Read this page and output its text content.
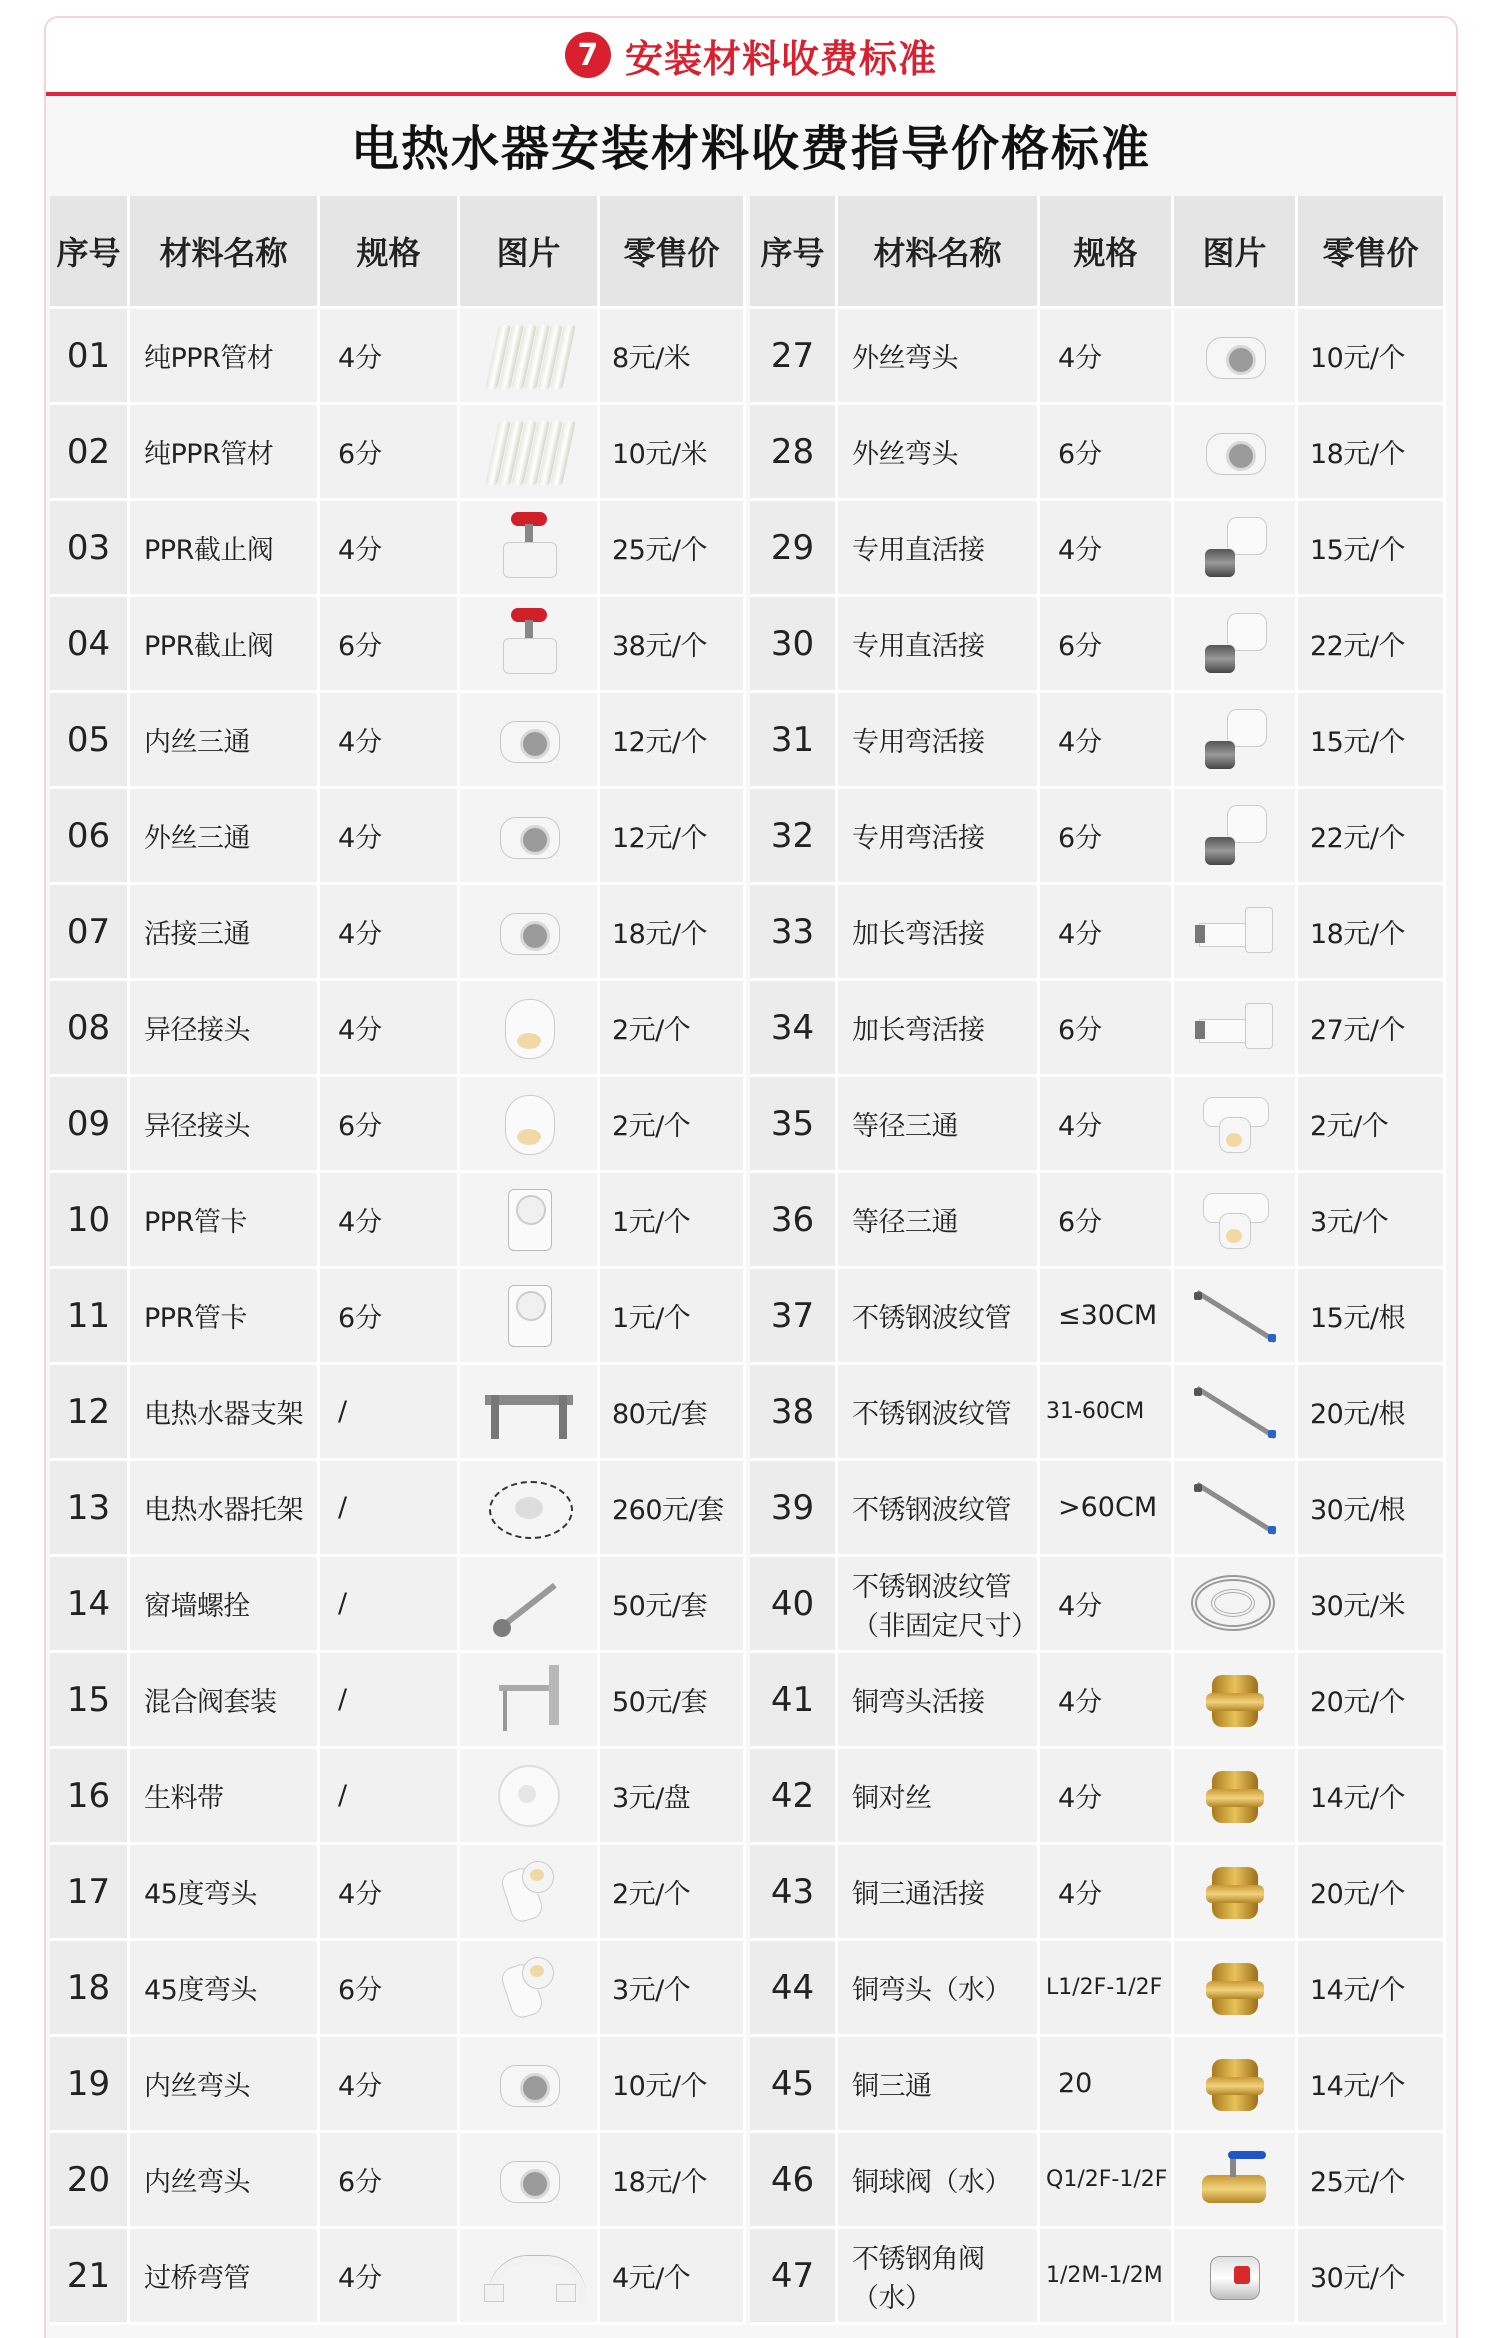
7 安装材料收费标准
电热水器安装材料收费指导价格标准
序号	材料名称	规格	图片	零售价
01	纯PPR管材	4分		8元/米
02	纯PPR管材	6分		10元/米
03	PPR截止阀	4分		25元/个
04	PPR截止阀	6分		38元/个
05	内丝三通	4分		12元/个
06	外丝三通	4分		12元/个
07	活接三通	4分		18元/个
08	异径接头	4分		2元/个
09	异径接头	6分		2元/个
10	PPR管卡	4分		1元/个
11	PPR管卡	6分		1元/个
12	电热水器支架	/		80元/套
13	电热水器托架	/		260元/套
14	窗墙螺拴	/		50元/套
15	混合阀套装	/		50元/套
16	生料带	/		3元/盘
17	45度弯头	4分		2元/个
18	45度弯头	6分		3元/个
19	内丝弯头	4分		10元/个
20	内丝弯头	6分		18元/个
21	过桥弯管	4分		4元/个
序号	材料名称	规格	图片	零售价
27	外丝弯头	4分		10元/个
28	外丝弯头	6分		18元/个
29	专用直活接	4分		15元/个
30	专用直活接	6分		22元/个
31	专用弯活接	4分		15元/个
32	专用弯活接	6分		22元/个
33	加长弯活接	4分		18元/个
34	加长弯活接	6分		27元/个
35	等径三通	4分		2元/个
36	等径三通	6分		3元/个
37	不锈钢波纹管	≤30CM		15元/根
38	不锈钢波纹管	31-60CM		20元/根
39	不锈钢波纹管	>60CM		30元/根
40	不锈钢波纹管
（非固定尺寸）	4分		30元/米
41	铜弯头活接	4分		20元/个
42	铜对丝	4分		14元/个
43	铜三通活接	4分		20元/个
44	铜弯头（水）	L1/2F-1/2F		14元/个
45	铜三通	20		14元/个
46	铜球阀（水）	Q1/2F-1/2F		25元/个
47	不锈钢角阀
（水）	1/2M-1/2M		30元/个
